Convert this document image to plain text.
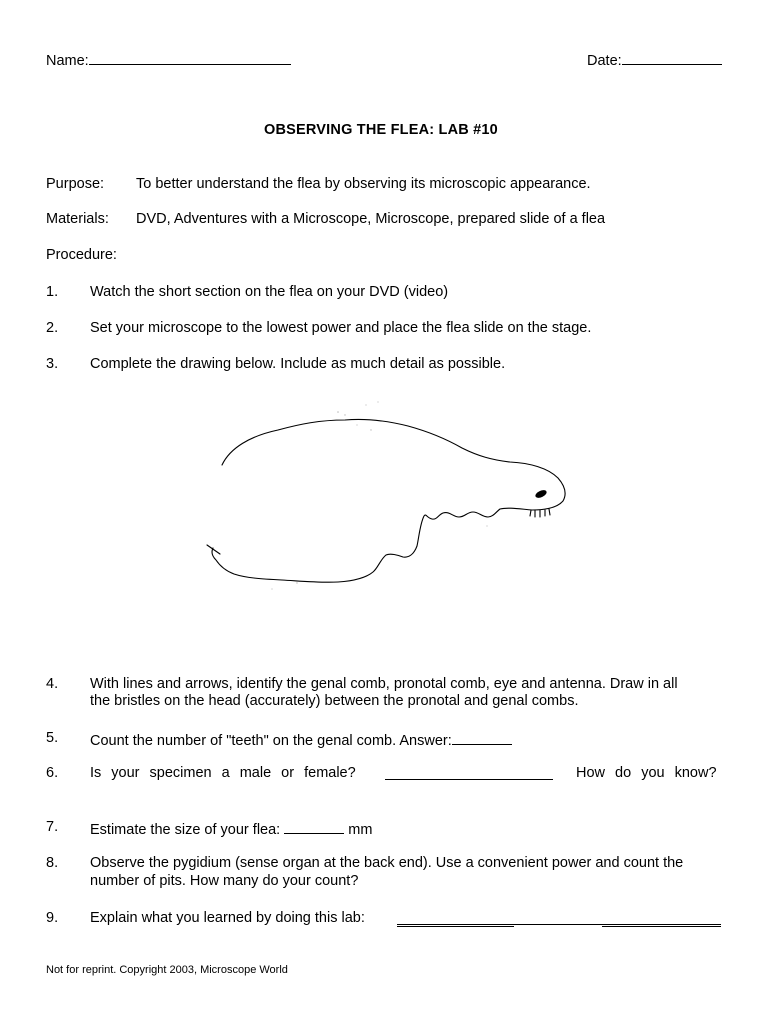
Name:	Date:
OBSERVING THE FLEA: LAB #10
Purpose: To better understand the flea by observing its microscopic appearance.
Materials: DVD, Adventures with a Microscope, Microscope, prepared slide of a flea
Procedure:
1. Watch the short section on the flea on your DVD (video)
2. Set your microscope to the lowest power and place the flea slide on the stage.
3. Complete the drawing below. Include as much detail as possible.
4. With lines and arrows, identify the genal comb, pronotal comb, eye and antenna. Draw in all
the bristles on the head (accurately) between the pronotal and genal combs.
5. Count the number of "teeth" on the genal comb. Answer:
6. Is your specimen a male or female?	How do you know?
7. Estimate the size of your flea:	mm
8. Observe the pygidium (sense organ at the back end). Use a convenient power and count the
number of pits. How many do your count?
9. Explain what you learned by doing this lab:
Not for reprint. Copyright 2003, Microscope World
